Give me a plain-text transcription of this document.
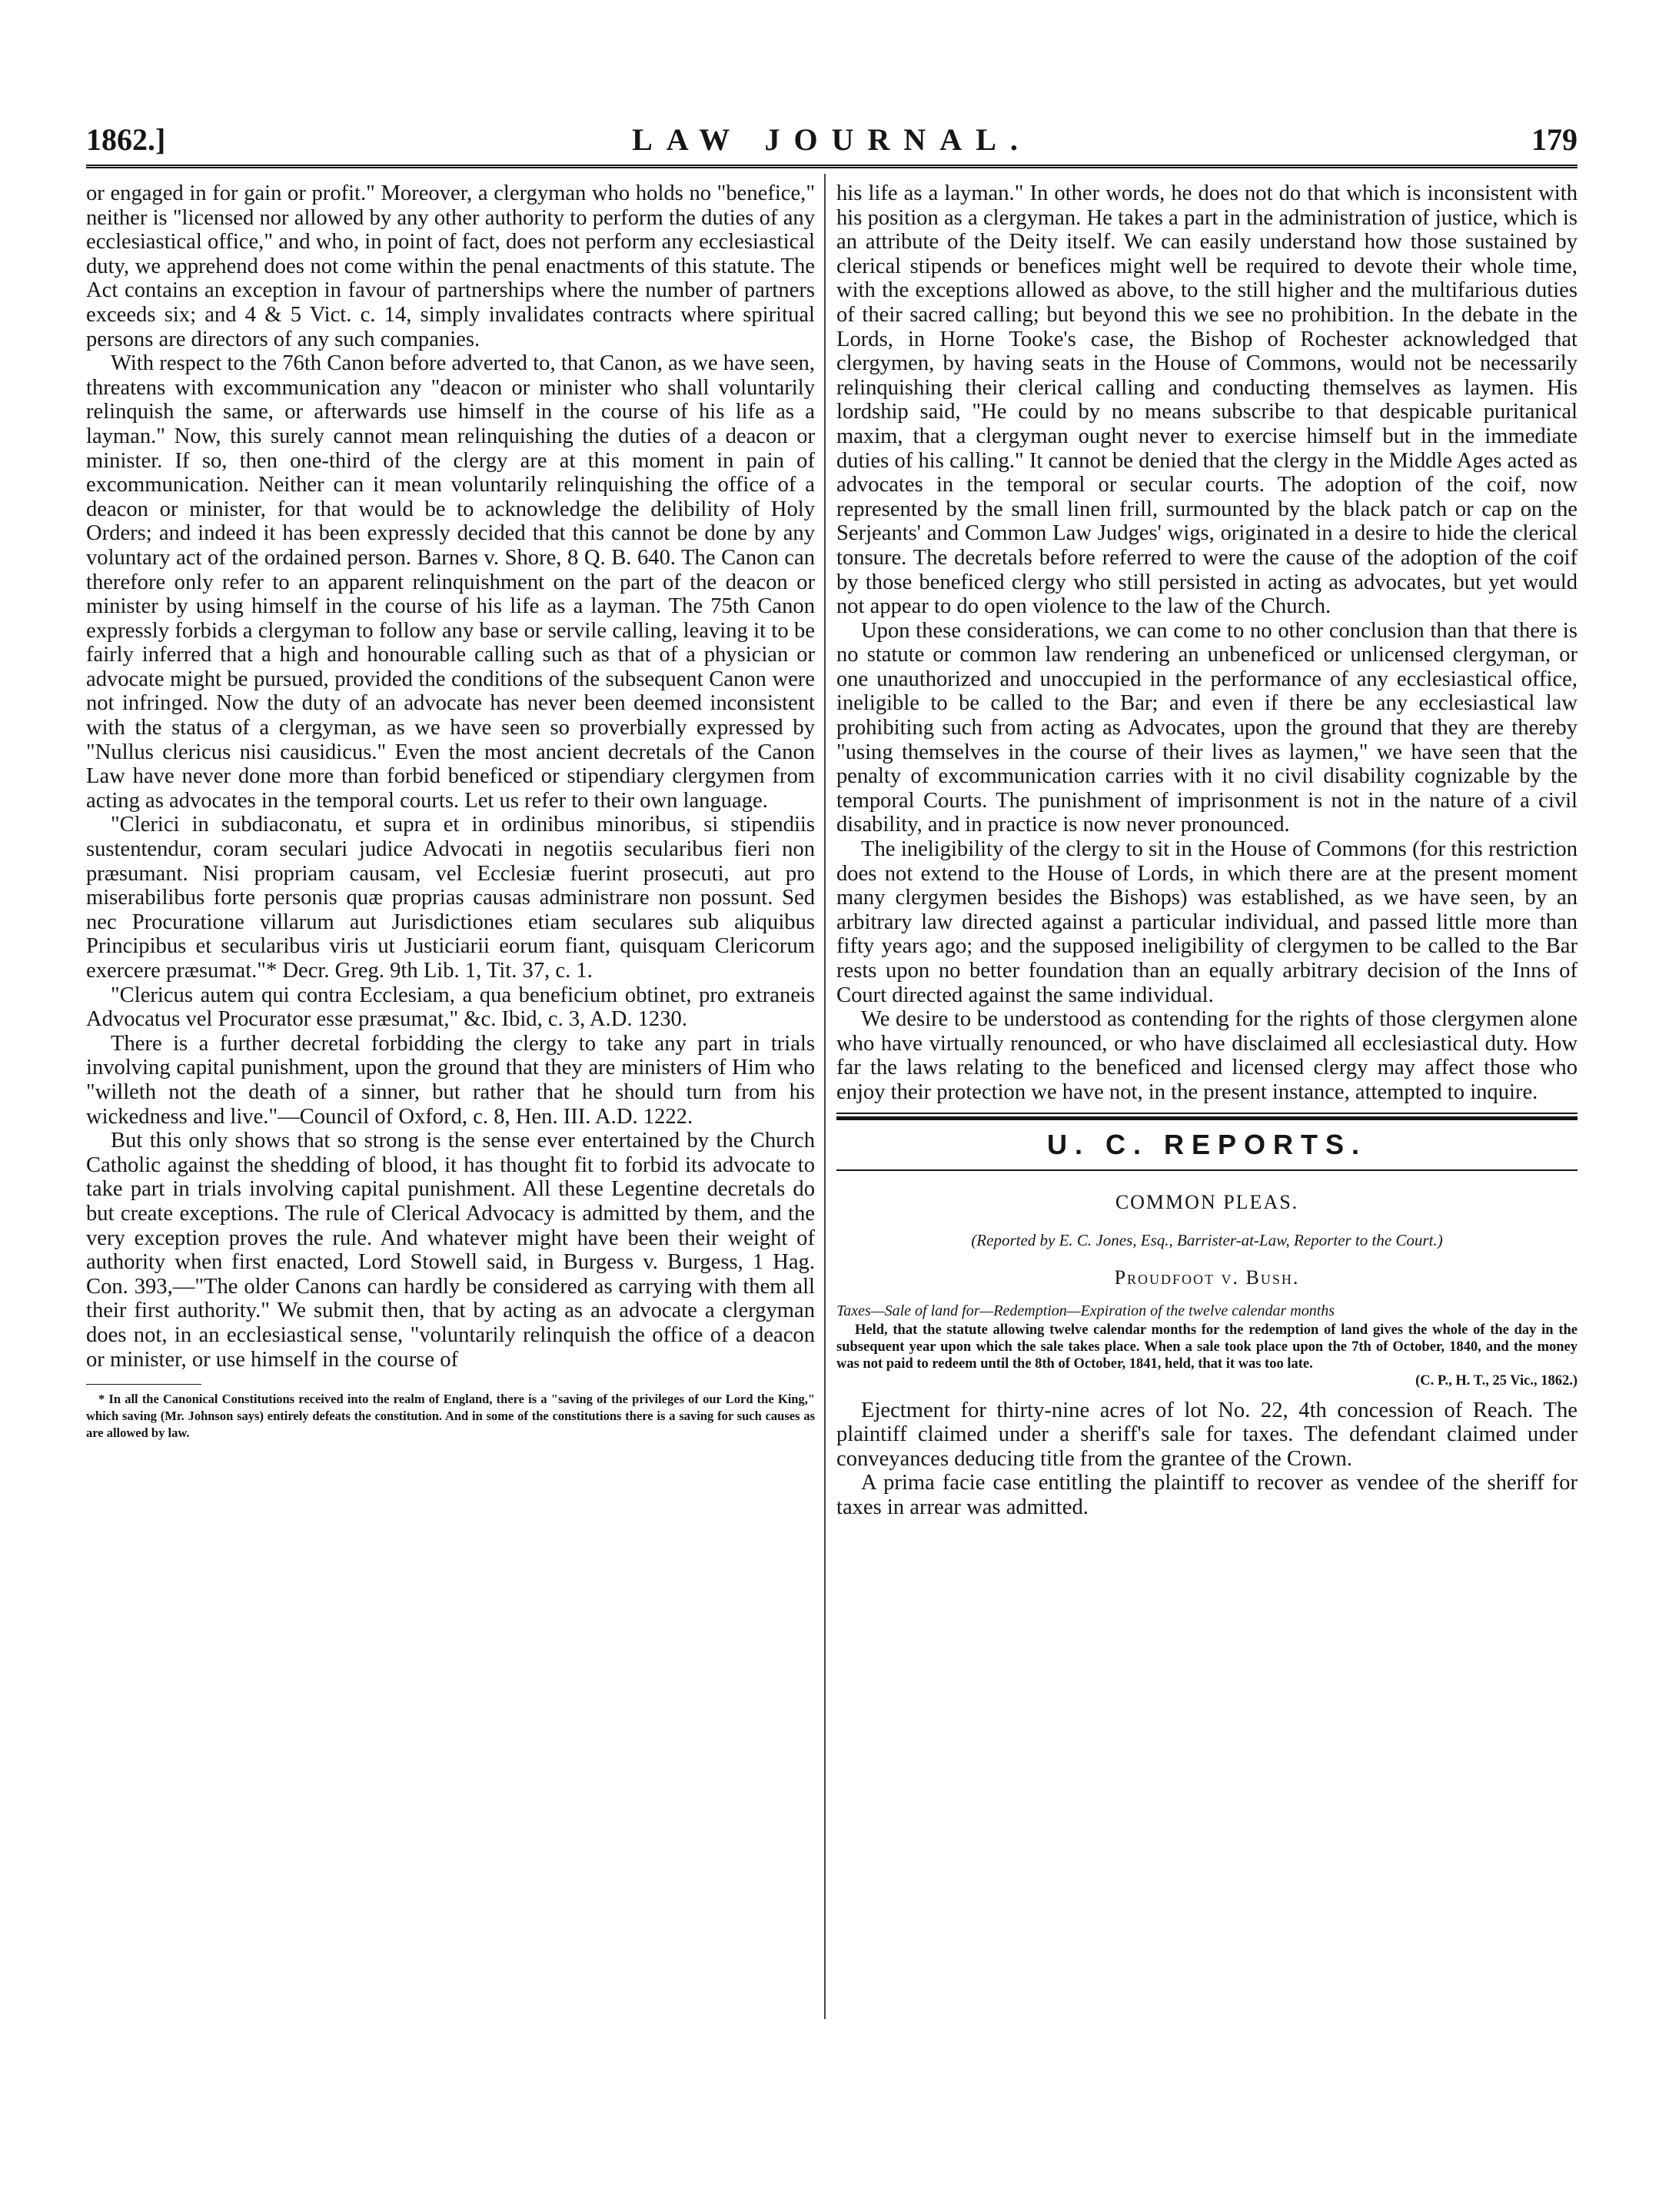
LAW JOURNAL.
1862.]	179

or engaged in for gain or profit." Moreover, a clergyman who holds no "benefice," neither is "licensed nor allowed by any other authority to perform the duties of any ecclesiastical office," and who, in point of fact, does not perform any ecclesiastical duty, we apprehend does not come within the penal enactments of this statute. The Act contains an exception in favour of partnerships where the number of partners exceeds six; and 4 & 5 Vict. c. 14, simply invalidates contracts where spiritual persons are directors of any such companies.

With respect to the 76th Canon before adverted to, that Canon, as we have seen, threatens with excommunication any "deacon or minister who shall voluntarily relinquish the same, or afterwards use himself in the course of his life as a layman." Now, this surely cannot mean relinquishing the duties of a deacon or minister. If so, then one-third of the clergy are at this moment in pain of excommunication. Neither can it mean voluntarily relinquishing the office of a deacon or minister, for that would be to acknowledge the delibility of Holy Orders; and indeed it has been expressly decided that this cannot be done by any voluntary act of the ordained person. Barnes v. Shore, 8 Q. B. 640. The Canon can therefore only refer to an apparent relinquishment on the part of the deacon or minister by using himself in the course of his life as a layman. The 75th Canon expressly forbids a clergyman to follow any base or servile calling, leaving it to be fairly inferred that a high and honourable calling such as that of a physician or advocate might be pursued, provided the conditions of the subsequent Canon were not infringed. Now the duty of an advocate has never been deemed inconsistent with the status of a clergyman, as we have seen so proverbially expressed by "Nullus clericus nisi causidicus." Even the most ancient decretals of the Canon Law have never done more than forbid beneficed or stipendiary clergymen from acting as advocates in the temporal courts. Let us refer to their own language.

"Clerici in subdiaconatu, et supra et in ordinibus minoribus, si stipendiis sustentendur, coram seculari judice Advocati in negotiis secularibus fieri non præsumant. Nisi propriam causam, vel Ecclesiæ fuerint prosecuti, aut pro miserabilibus forte personis quæ proprias causas administrare non possunt. Sed nec Procuratione villarum aut Jurisdictiones etiam seculares sub aliquibus Principibus et secularibus viris ut Justiciarii eorum fiant, quisquam Clericorum exercere præsumat."* Decr. Greg. 9th Lib. 1, Tit. 37, c. 1.

"Clericus autem qui contra Ecclesiam, a qua beneficium obtinet, pro extraneis Advocatus vel Procurator esse præsumat," &c. Ibid, c. 3, A.D. 1230.

There is a further decretal forbidding the clergy to take any part in trials involving capital punishment, upon the ground that they are ministers of Him who "willeth not the death of a sinner, but rather that he should turn from his wickedness and live."—Council of Oxford, c. 8, Hen. III. A.D. 1222.

But this only shows that so strong is the sense ever entertained by the Church Catholic against the shedding of blood, it has thought fit to forbid its advocate to take part in trials involving capital punishment. All these Legentine decretals do but create exceptions. The rule of Clerical Advocacy is admitted by them, and the very exception proves the rule. And whatever might have been their weight of authority when first enacted, Lord Stowell said, in Burgess v. Burgess, 1 Hag. Con. 393,—"The older Canons can hardly be considered as carrying with them all their first authority." We submit then, that by acting as an advocate a clergyman does not, in an ecclesiastical sense, "voluntarily relinquish the office of a deacon or minister, or use himself in the course of

* In all the Canonical Constitutions received into the realm of England, there is a "saving of the privileges of our Lord the King," which saving (Mr. Johnson says) entirely defeats the constitution. And in some of the constitutions there is a saving for such causes as are allowed by law.

his life as a layman." In other words, he does not do that which is inconsistent with his position as a clergyman. He takes a part in the administration of justice, which is an attribute of the Deity itself. We can easily understand how those sustained by clerical stipends or benefices might well be required to devote their whole time, with the exceptions allowed as above, to the still higher and the multifarious duties of their sacred calling; but beyond this we see no prohibition. In the debate in the Lords, in Horne Tooke's case, the Bishop of Rochester acknowledged that clergymen, by having seats in the House of Commons, would not be necessarily relinquishing their clerical calling and conducting themselves as laymen. His lordship said, "He could by no means subscribe to that despicable puritanical maxim, that a clergyman ought never to exercise himself but in the immediate duties of his calling." It cannot be denied that the clergy in the Middle Ages acted as advocates in the temporal or secular courts. The adoption of the coif, now represented by the small linen frill, surmounted by the black patch or cap on the Serjeants' and Common Law Judges' wigs, originated in a desire to hide the clerical tonsure. The decretals before referred to were the cause of the adoption of the coif by those beneficed clergy who still persisted in acting as advocates, but yet would not appear to do open violence to the law of the Church.

Upon these considerations, we can come to no other conclusion than that there is no statute or common law rendering an unbeneficed or unlicensed clergyman, or one unauthorized and unoccupied in the performance of any ecclesiastical office, ineligible to be called to the Bar; and even if there be any ecclesiastical law prohibiting such from acting as Advocates, upon the ground that they are thereby "using themselves in the course of their lives as laymen," we have seen that the penalty of excommunication carries with it no civil disability cognizable by the temporal Courts. The punishment of imprisonment is not in the nature of a civil disability, and in practice is now never pronounced.

The ineligibility of the clergy to sit in the House of Commons (for this restriction does not extend to the House of Lords, in which there are at the present moment many clergymen besides the Bishops) was established, as we have seen, by an arbitrary law directed against a particular individual, and passed little more than fifty years ago; and the supposed ineligibility of clergymen to be called to the Bar rests upon no better foundation than an equally arbitrary decision of the Inns of Court directed against the same individual.

We desire to be understood as contending for the rights of those clergymen alone who have virtually renounced, or who have disclaimed all ecclesiastical duty. How far the laws relating to the beneficed and licensed clergy may affect those who enjoy their protection we have not, in the present instance, attempted to inquire.

U. C. REPORTS.
COMMON PLEAS.
(Reported by E. C. Jones, Esq., Barrister-at-Law, Reporter to the Court.)
Proudfoot v. Bush.

Taxes—Sale of land for—Redemption—Expiration of the twelve calendar months

Held, that the statute allowing twelve calendar months for the redemption of land gives the whole of the day in the subsequent year upon which the sale takes place. When a sale took place upon the 7th of October, 1840, and the money was not paid to redeem until the 8th of October, 1841, held, that it was too late.

(C. P., H. T., 25 Vic., 1862.)

Ejectment for thirty-nine acres of lot No. 22, 4th concession of Reach. The plaintiff claimed under a sheriff's sale for taxes. The defendant claimed under conveyances deducing title from the grantee of the Crown.

A prima facie case entitling the plaintiff to recover as vendee of the sheriff for taxes in arrear was admitted.
